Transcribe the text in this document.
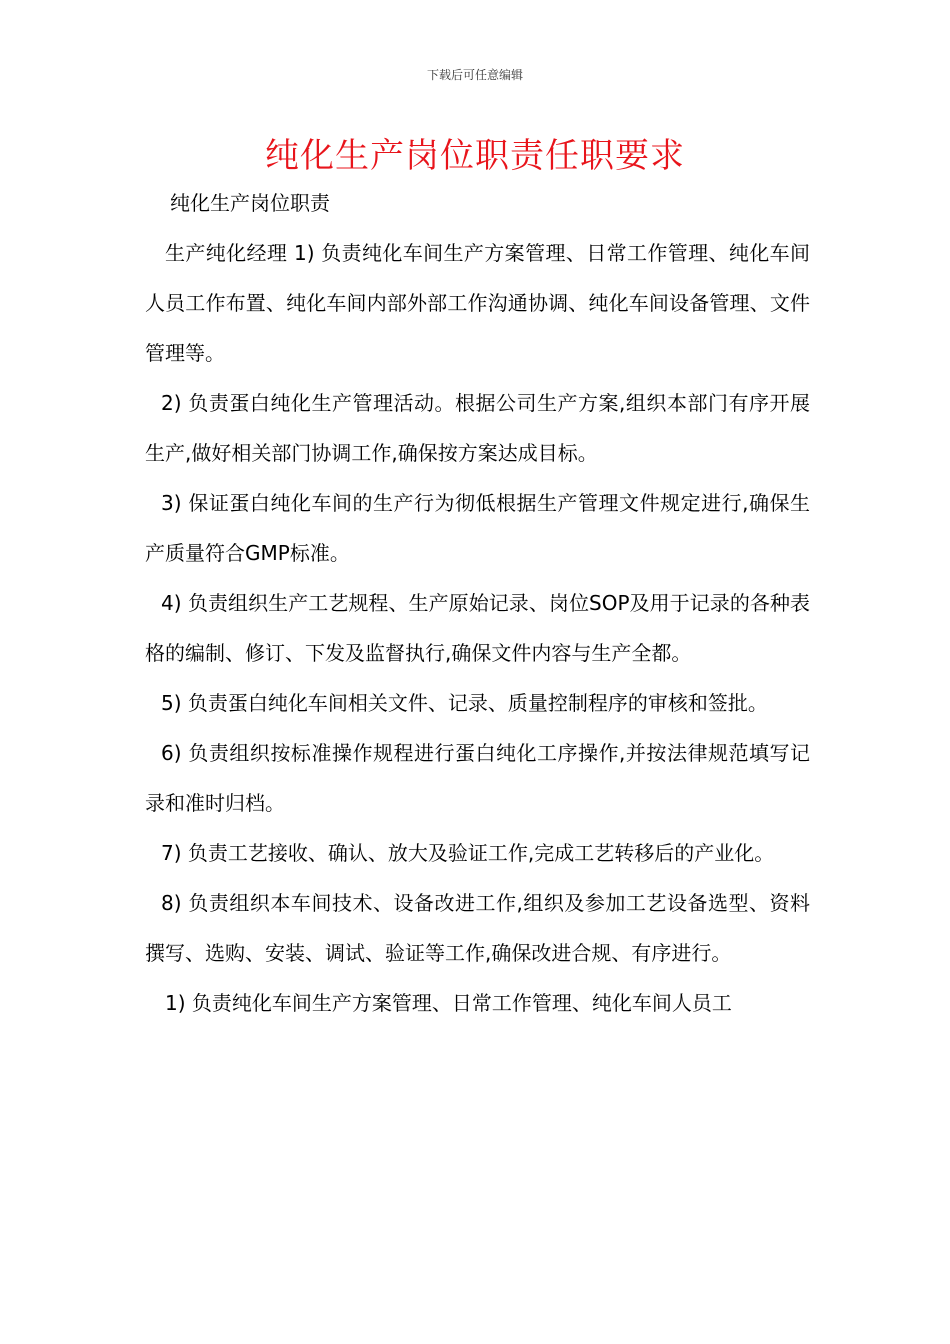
下载后可任意编辑
纯化生产岗位职责任职要求

纯化生产岗位职责

生产纯化经理 1) 负责纯化车间生产方案管理、日常工作管理、纯化车间人员工作布置、纯化车间内部外部工作沟通协调、纯化车间设备管理、文件管理等。

2) 负责蛋白纯化生产管理活动。根据公司生产方案,组织本部门有序开展生产,做好相关部门协调工作,确保按方案达成目标。

3) 保证蛋白纯化车间的生产行为彻低根据生产管理文件规定进行,确保生产质量符合GMP标准。

4) 负责组织生产工艺规程、生产原始记录、岗位SOP及用于记录的各种表格的编制、修订、下发及监督执行,确保文件内容与生产全都。

5) 负责蛋白纯化车间相关文件、记录、质量控制程序的审核和签批。

6) 负责组织按标准操作规程进行蛋白纯化工序操作,并按法律规范填写记录和准时归档。

7) 负责工艺接收、确认、放大及验证工作,完成工艺转移后的产业化。

8) 负责组织本车间技术、设备改进工作,组织及参加工艺设备选型、资料撰写、选购、安装、调试、验证等工作,确保改进合规、有序进行。

1) 负责纯化车间生产方案管理、日常工作管理、纯化车间人员工
